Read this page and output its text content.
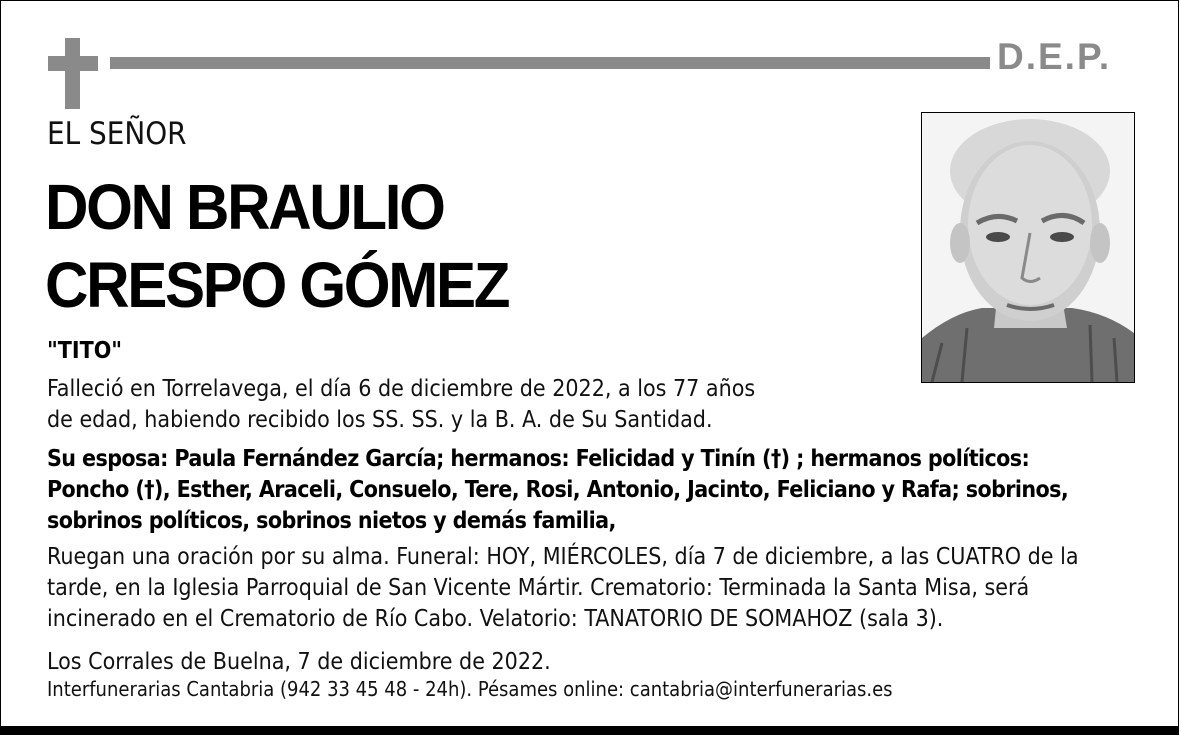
D.E.P.
EL SEÑOR
DON BRAULIO
CRESPO GÓMEZ
"TITO"
Falleció en Torrelavega, el día 6 de diciembre de 2022, a los 77 años
de edad, habiendo recibido los SS. SS. y la B. A. de Su Santidad.
Su esposa: Paula Fernández García; hermanos: Felicidad y Tinín (†) ; hermanos políticos:
Poncho (†), Esther, Araceli, Consuelo, Tere, Rosi, Antonio, Jacinto, Feliciano y Rafa; sobrinos,
sobrinos políticos, sobrinos nietos y demás familia,
Ruegan una oración por su alma. Funeral: HOY, MIÉRCOLES, día 7 de diciembre, a las CUATRO de la
tarde, en la Iglesia Parroquial de San Vicente Mártir. Crematorio: Terminada la Santa Misa, será
incinerado en el Crematorio de Río Cabo. Velatorio: TANATORIO DE SOMAHOZ (sala 3).
Los Corrales de Buelna, 7 de diciembre de 2022.
Interfunerarias Cantabria (942 33 45 48 - 24h). Pésames online: cantabria@interfunerarias.es
